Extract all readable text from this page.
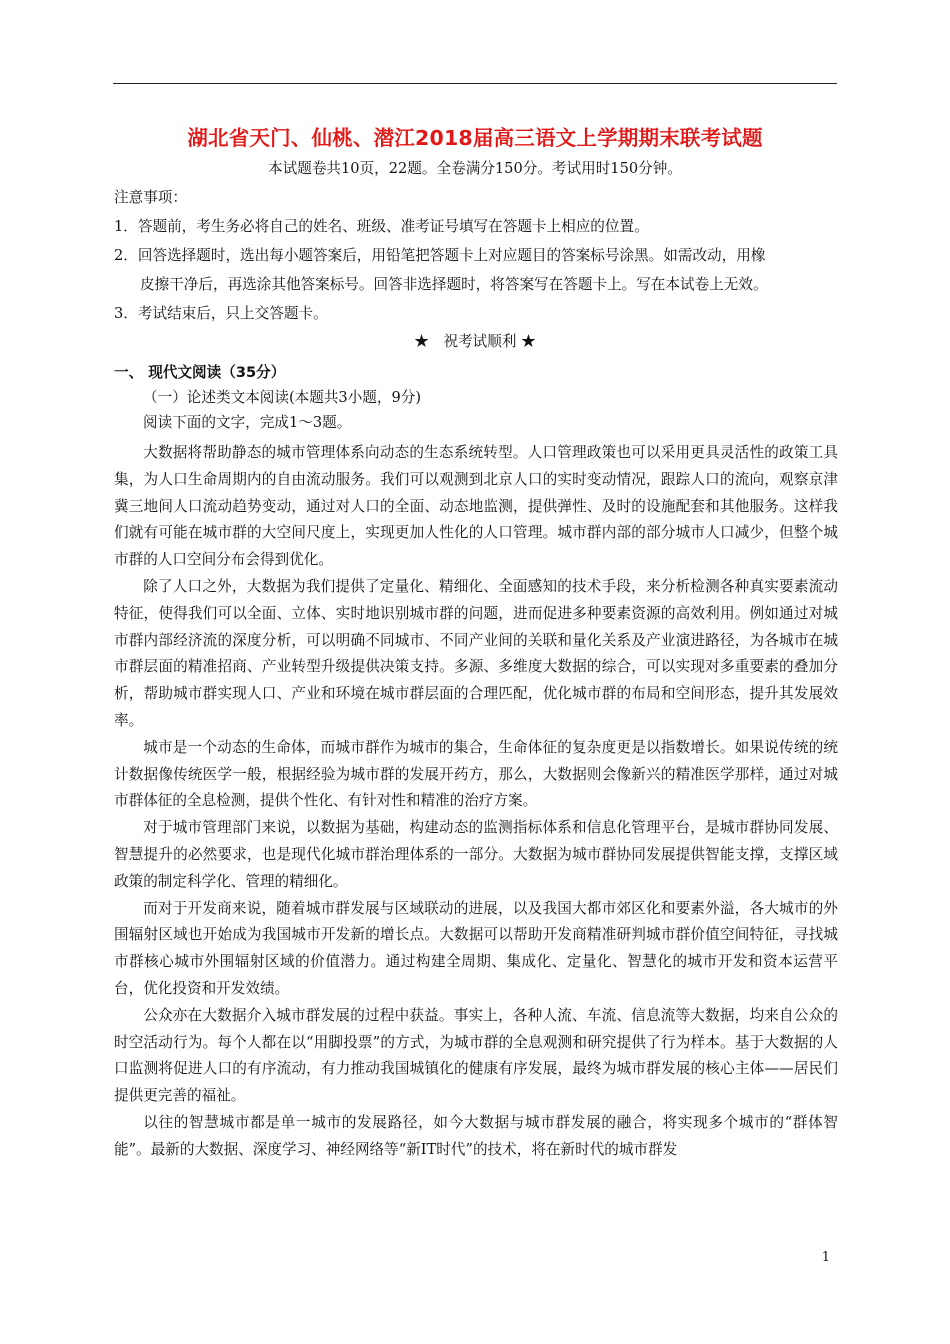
湖北省天门、仙桃、潜江2018届高三语文上学期期末联考试题
本试题卷共10页，22题。全卷满分150分。考试用时150分钟。
注意事项：
1．答题前，考生务必将自己的姓名、班级、准考证号填写在答题卡上相应的位置。
2．回答选择题时，选出每小题答案后，用铅笔把答题卡上对应题目的答案标号涂黑。如需改动，用橡
皮擦干净后，再选涂其他答案标号。回答非选择题时，将答案写在答题卡上。写在本试卷上无效。
3．考试结束后，只上交答题卡。
★　祝考试顺利 ★
一、 现代文阅读（35分）
（一）论述类文本阅读(本题共3小题，9分)
阅读下面的文字，完成1～3题。

大数据将帮助静态的城市管理体系向动态的生态系统转型。人口管理政策也可以采用更具灵活性的政策工具集，为人口生命周期内的自由流动服务。我们可以观测到北京人口的实时变动情况，跟踪人口的流向，观察京津冀三地间人口流动趋势变动，通过对人口的全面、动态地监测，提供弹性、及时的设施配套和其他服务。这样我们就有可能在城市群的大空间尺度上，实现更加人性化的人口管理。城市群内部的部分城市人口减少，但整个城市群的人口空间分布会得到优化。

除了人口之外，大数据为我们提供了定量化、精细化、全面感知的技术手段，来分析检测各种真实要素流动特征，使得我们可以全面、立体、实时地识别城市群的问题，进而促进多种要素资源的高效利用。例如通过对城市群内部经济流的深度分析，可以明确不同城市、不同产业间的关联和量化关系及产业演进路径，为各城市在城市群层面的精准招商、产业转型升级提供决策支持。多源、多维度大数据的综合，可以实现对多重要素的叠加分析，帮助城市群实现人口、产业和环境在城市群层面的合理匹配，优化城市群的布局和空间形态，提升其发展效率。

城市是一个动态的生命体，而城市群作为城市的集合，生命体征的复杂度更是以指数增长。如果说传统的统计数据像传统医学一般，根据经验为城市群的发展开药方，那么，大数据则会像新兴的精准医学那样，通过对城市群体征的全息检测，提供个性化、有针对性和精准的治疗方案。

对于城市管理部门来说，以数据为基础，构建动态的监测指标体系和信息化管理平台，是城市群协同发展、智慧提升的必然要求，也是现代化城市群治理体系的一部分。大数据为城市群协同发展提供智能支撑，支撑区域政策的制定科学化、管理的精细化。

而对于开发商来说，随着城市群发展与区域联动的进展，以及我国大都市郊区化和要素外溢，各大城市的外围辐射区域也开始成为我国城市开发新的增长点。大数据可以帮助开发商精准研判城市群价值空间特征，寻找城市群核心城市外围辐射区域的价值潜力。通过构建全周期、集成化、定量化、智慧化的城市开发和资本运营平台，优化投资和开发效绩。

公众亦在大数据介入城市群发展的过程中获益。事实上，各种人流、车流、信息流等大数据，均来自公众的时空活动行为。每个人都在以“用脚投票”的方式，为城市群的全息观测和研究提供了行为样本。基于大数据的人口监测将促进人口的有序流动，有力推动我国城镇化的健康有序发展，最终为城市群发展的核心主体——居民们提供更完善的福祉。

以往的智慧城市都是单一城市的发展路径，如今大数据与城市群发展的融合，将实现多个城市的“群体智能”。最新的大数据、深度学习、神经网络等“新IT时代”的技术，将在新时代的城市群发

1
